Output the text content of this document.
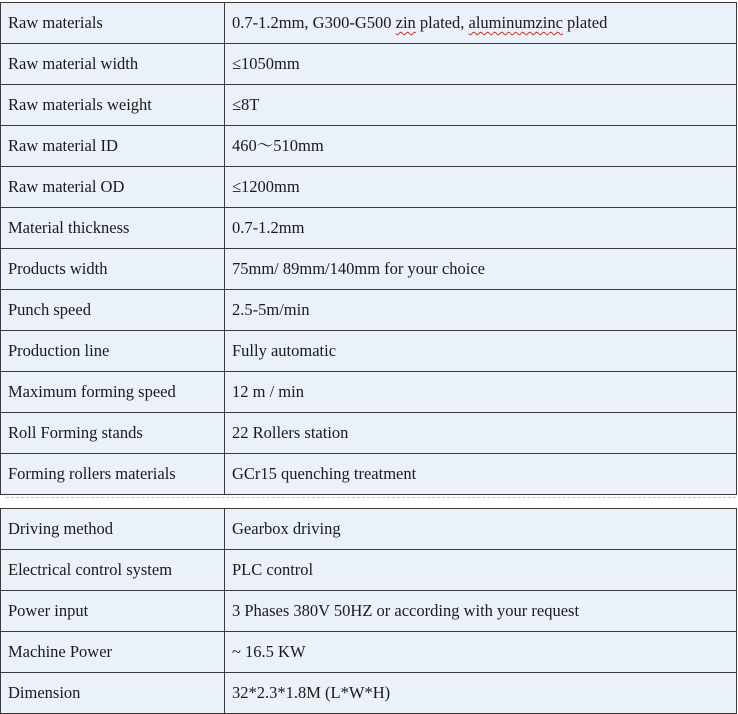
Raw materials	0.7-1.2mm, G300-G500 zin plated, aluminumzinc plated
Raw material width	≤1050mm
Raw materials weight	≤8T
Raw material ID	460～510mm
Raw material OD	≤1200mm
Material thickness	0.7-1.2mm
Products width	75mm/ 89mm/140mm for your choice
Punch speed	2.5-5m/min
Production line	Fully automatic
Maximum forming speed	12 m / min
Roll Forming stands	22 Rollers station
Forming rollers materials	GCr15 quenching treatment
Driving method	Gearbox driving
Electrical control system	PLC control
Power input	3 Phases 380V 50HZ or according with your request
Machine Power	~ 16.5 KW
Dimension	32*2.3*1.8M (L*W*H)
